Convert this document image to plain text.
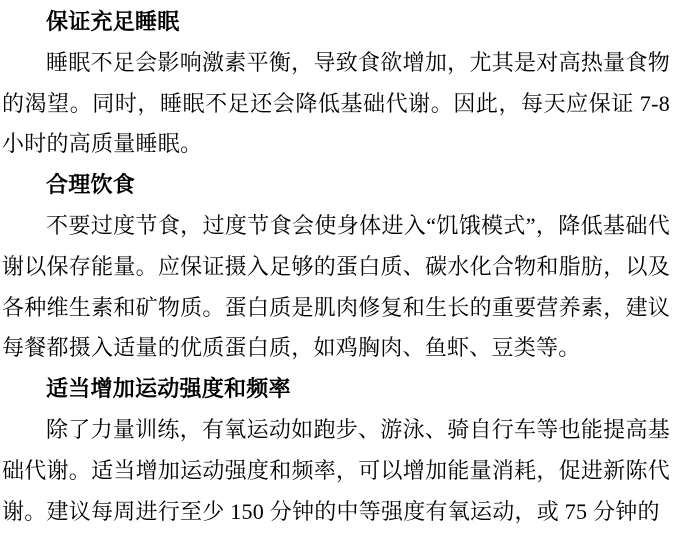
保证充足睡眠

睡眠不足会影响激素平衡，导致食欲增加，尤其是对高热量食物的渴望。同时，睡眠不足还会降低基础代谢。因此，每天应保证 7-8 小时的高质量睡眠。

合理饮食

不要过度节食，过度节食会使身体进入“饥饿模式”，降低基础代谢以保存能量。应保证摄入足够的蛋白质、碳水化合物和脂肪，以及各种维生素和矿物质。蛋白质是肌肉修复和生长的重要营养素，建议每餐都摄入适量的优质蛋白质，如鸡胸肉、鱼虾、豆类等。

适当增加运动强度和频率

除了力量训练，有氧运动如跑步、游泳、骑自行车等也能提高基础代谢。适当增加运动强度和频率，可以增加能量消耗，促进新陈代谢。建议每周进行至少 150 分钟的中等强度有氧运动，或 75 分钟的
